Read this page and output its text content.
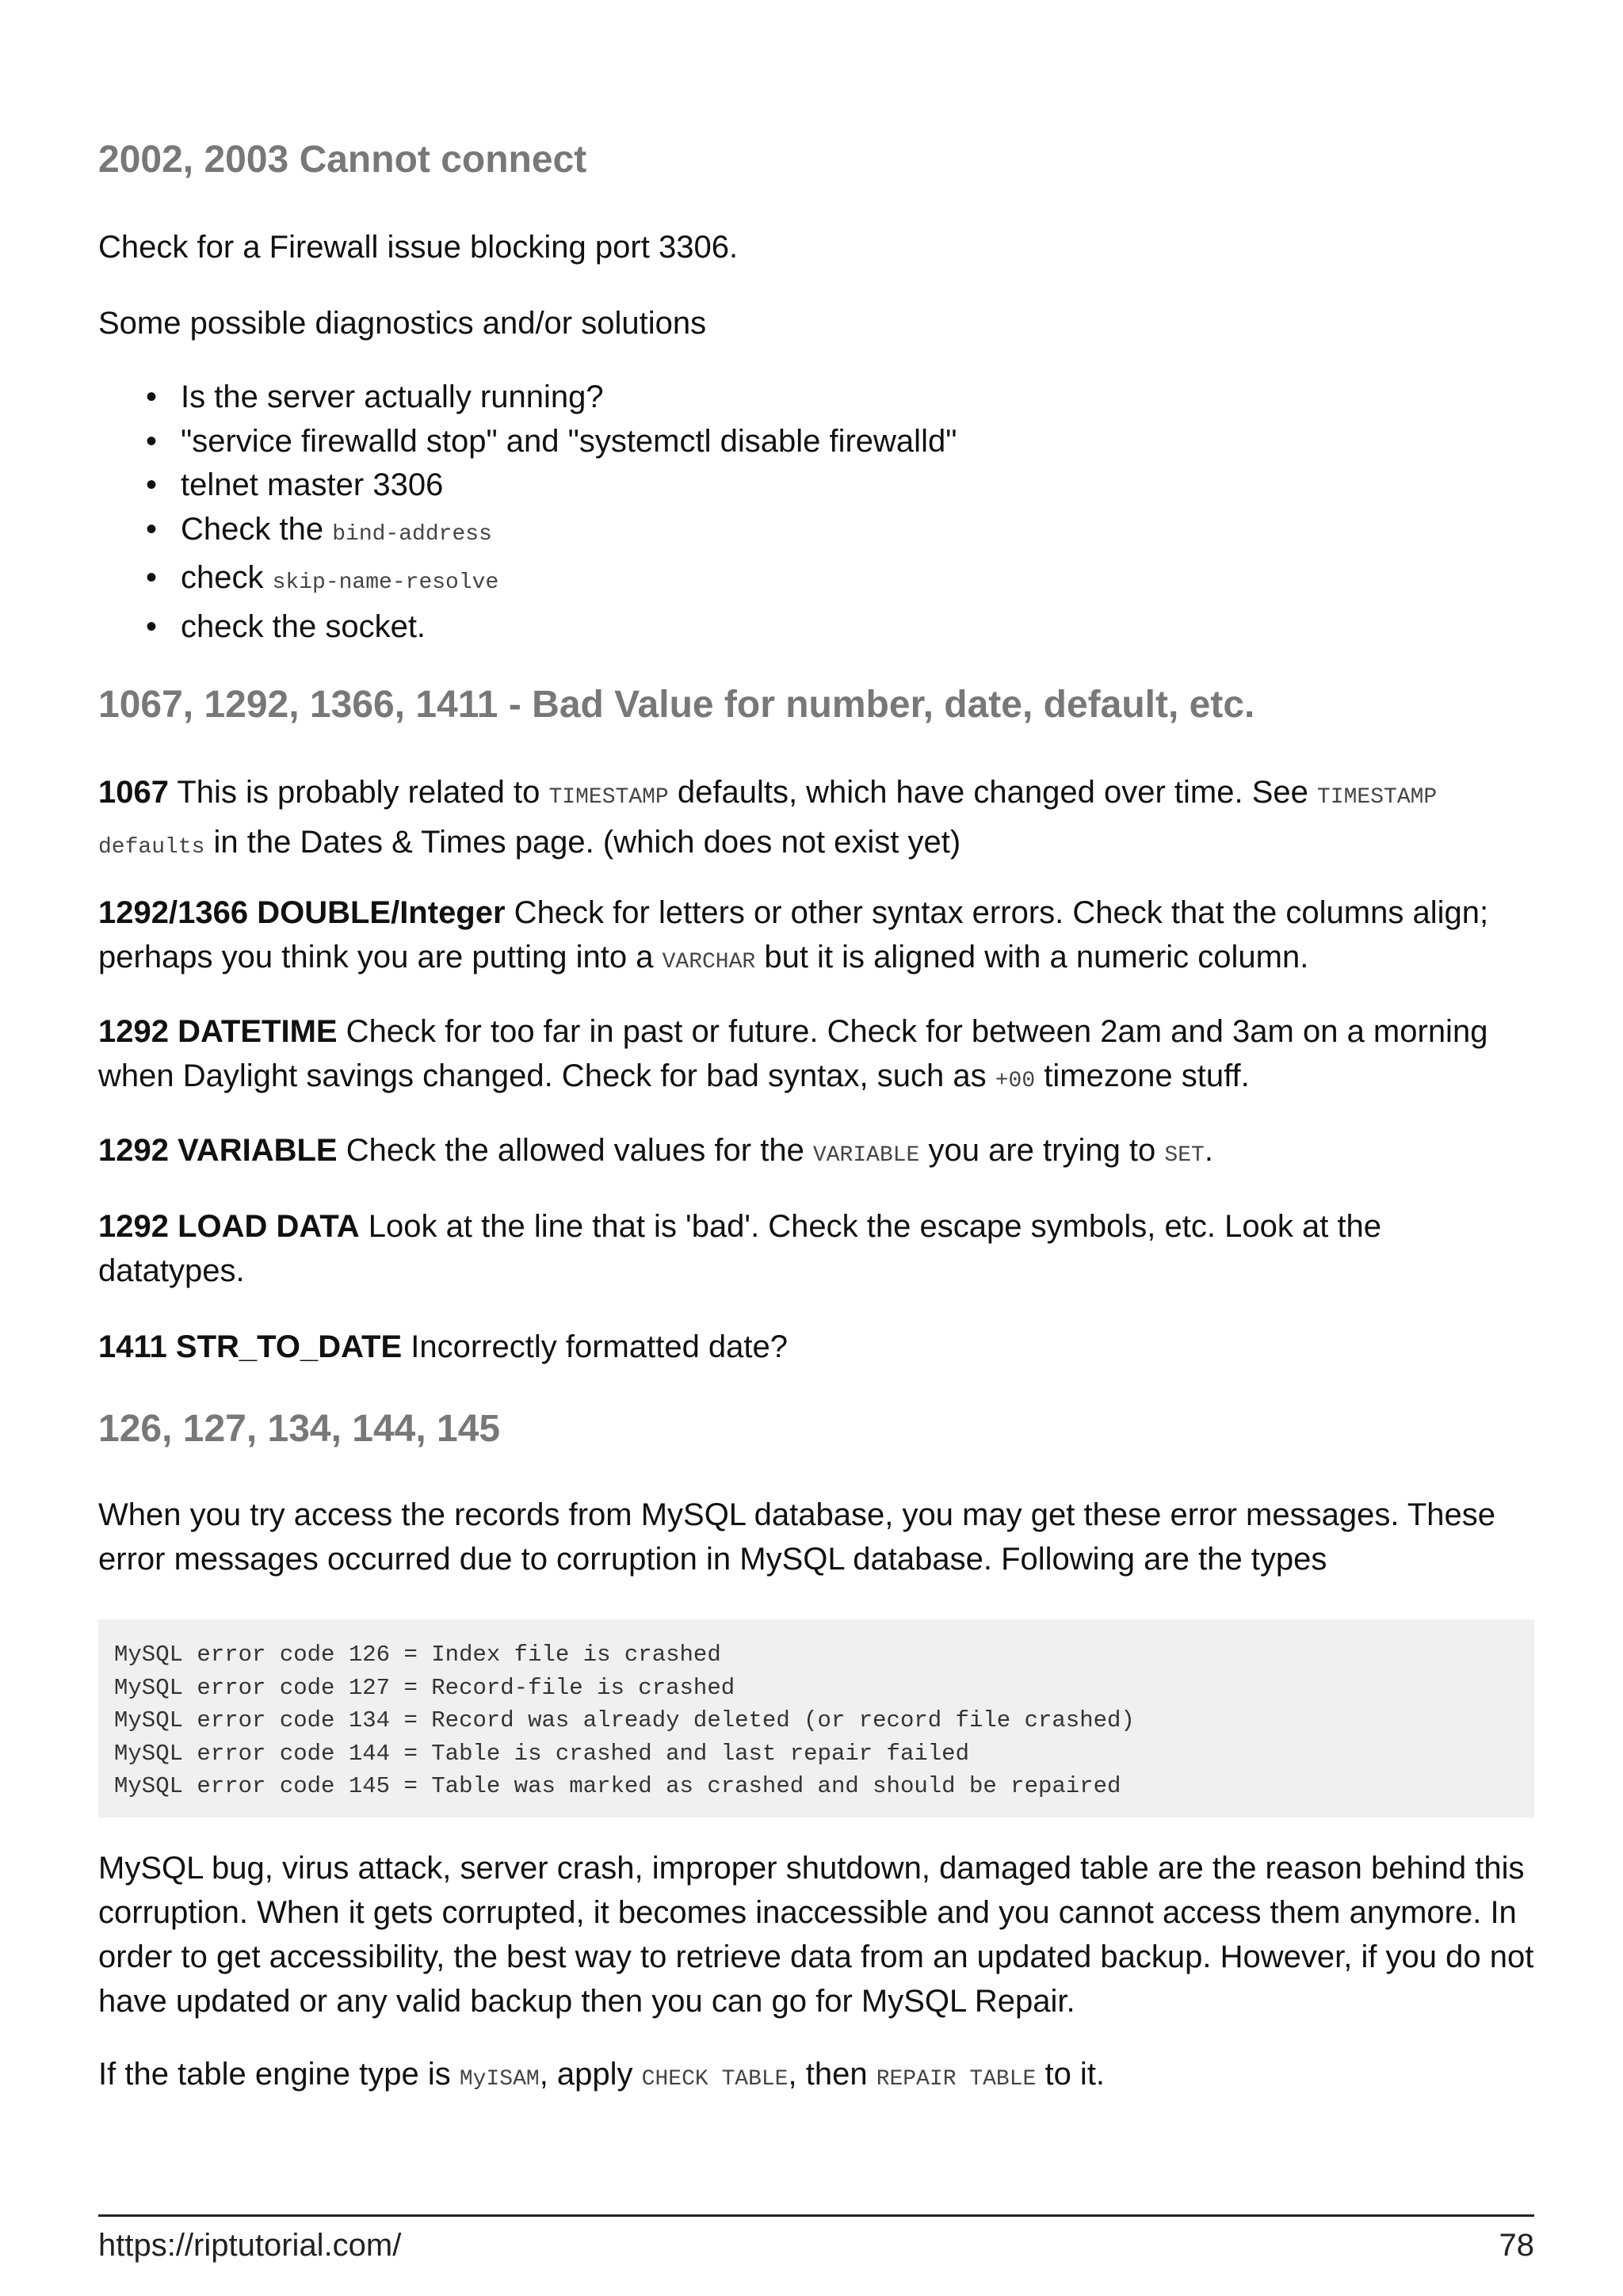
2002, 2003 Cannot connect
Check for a Firewall issue blocking port 3306.
Some possible diagnostics and/or solutions
• Is the server actually running?
• "service firewalld stop" and "systemctl disable firewalld"
• telnet master 3306
• Check the bind-address
• check skip-name-resolve
• check the socket.
1067, 1292, 1366, 1411 - Bad Value for number, date, default, etc.
1067 This is probably related to TIMESTAMP defaults, which have changed over time. See TIMESTAMP defaults in the Dates & Times page. (which does not exist yet)
1292/1366 DOUBLE/Integer Check for letters or other syntax errors. Check that the columns align; perhaps you think you are putting into a VARCHAR but it is aligned with a numeric column.
1292 DATETIME Check for too far in past or future. Check for between 2am and 3am on a morning when Daylight savings changed. Check for bad syntax, such as +00 timezone stuff.
1292 VARIABLE Check the allowed values for the VARIABLE you are trying to SET.
1292 LOAD DATA Look at the line that is 'bad'. Check the escape symbols, etc. Look at the datatypes.
1411 STR_TO_DATE Incorrectly formatted date?
126, 127, 134, 144, 145
When you try access the records from MySQL database, you may get these error messages. These error messages occurred due to corruption in MySQL database. Following are the types
MySQL error code 126 = Index file is crashed
MySQL error code 127 = Record-file is crashed
MySQL error code 134 = Record was already deleted (or record file crashed)
MySQL error code 144 = Table is crashed and last repair failed
MySQL error code 145 = Table was marked as crashed and should be repaired
MySQL bug, virus attack, server crash, improper shutdown, damaged table are the reason behind this corruption. When it gets corrupted, it becomes inaccessible and you cannot access them anymore. In order to get accessibility, the best way to retrieve data from an updated backup. However, if you do not have updated or any valid backup then you can go for MySQL Repair.
If the table engine type is MyISAM, apply CHECK TABLE, then REPAIR TABLE to it.
https://riptutorial.com/	78
